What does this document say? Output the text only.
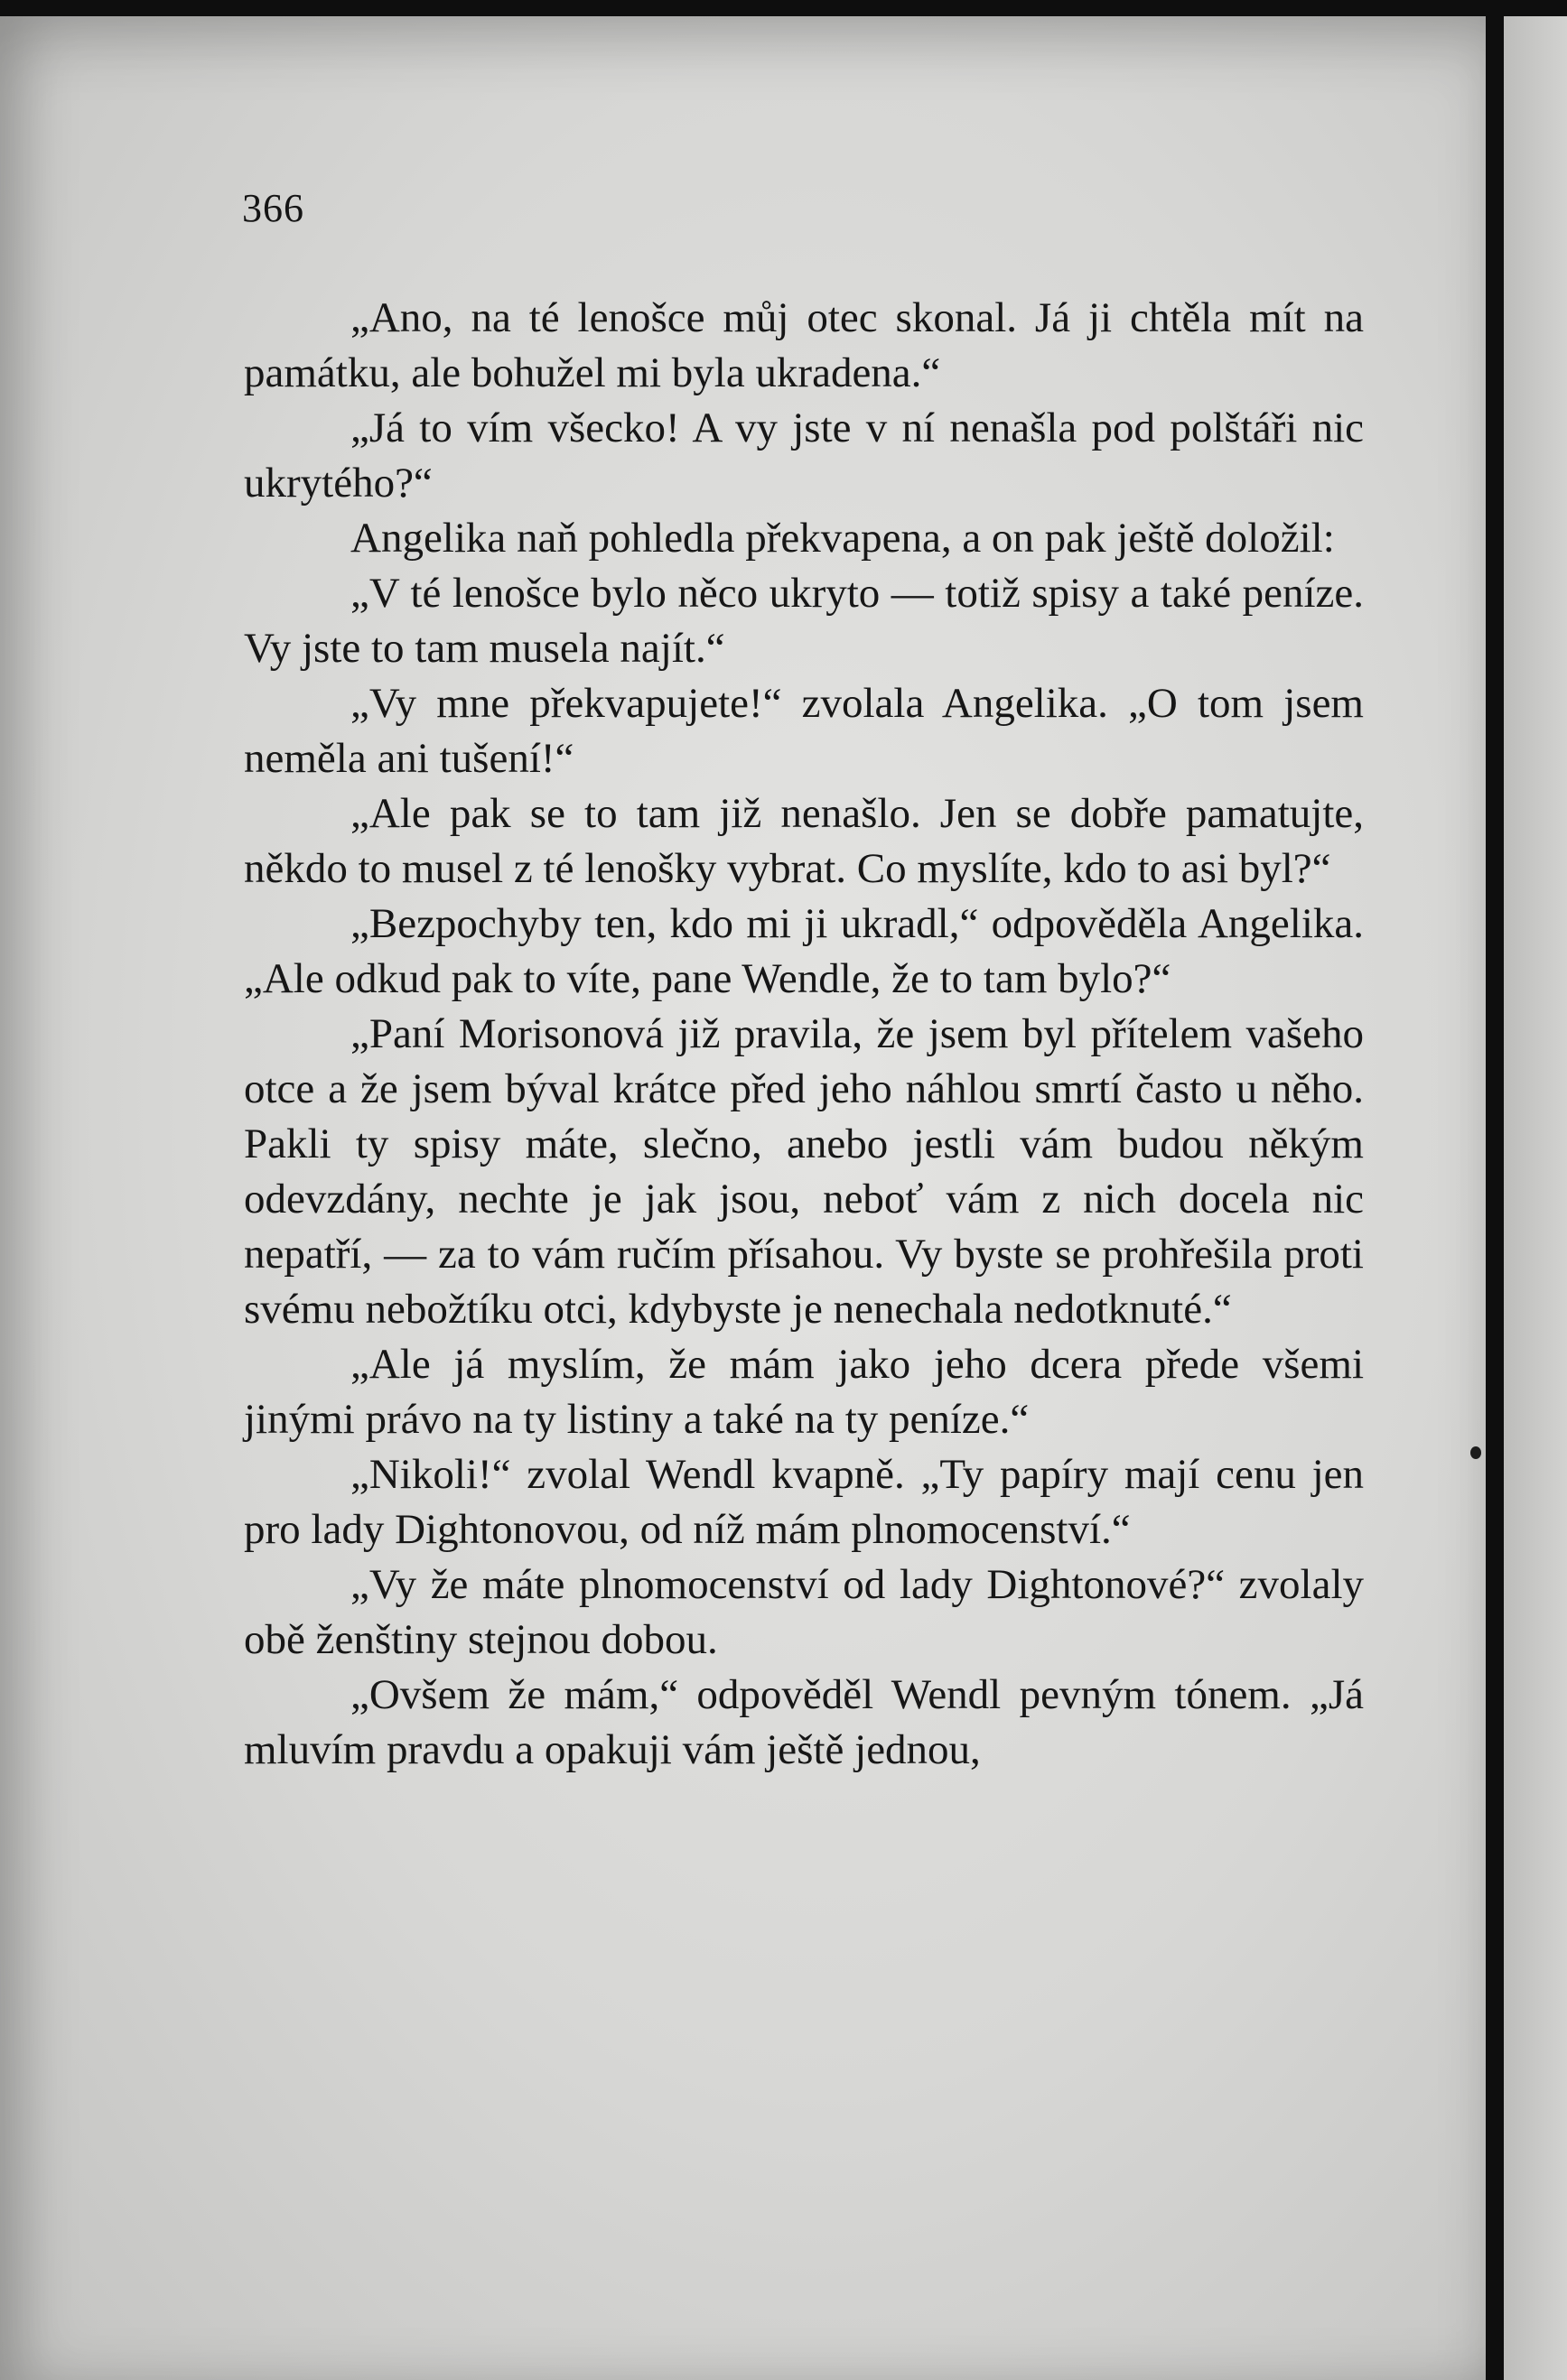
366

„Ano, na té lenošce můj otec skonal. Já ji chtěla mít na památku, ale bohužel mi byla ukradena.“

„Já to vím všecko! A vy jste v ní nenašla pod polštáři nic ukrytého?“

Angelika naň pohledla překvapena, a on pak ještě doložil:

„V té lenošce bylo něco ukryto — totiž spisy a také peníze. Vy jste to tam musela najít.“

„Vy mne překvapujete!“ zvolala Angelika. „O tom jsem neměla ani tušení!“

„Ale pak se to tam již nenašlo. Jen se dobře pamatujte, někdo to musel z té lenošky vybrat. Co myslíte, kdo to asi byl?“

„Bezpochyby ten, kdo mi ji ukradl,“ odpověděla Angelika. „Ale odkud pak to víte, pane Wendle, že to tam bylo?“

„Paní Morisonová již pravila, že jsem byl přítelem vašeho otce a že jsem býval krátce před jeho náhlou smrtí často u něho. Pakli ty spisy máte, slečno, anebo jestli vám budou někým odevzdány, nechte je jak jsou, neboť vám z nich docela nic nepatří, — za to vám ručím přísahou. Vy byste se prohřešila proti svému nebožtíku otci, kdybyste je nenechala nedotknuté.“

„Ale já myslím, že mám jako jeho dcera přede všemi jinými právo na ty listiny a také na ty peníze.“

„Nikoli!“ zvolal Wendl kvapně. „Ty papíry mají cenu jen pro lady Dightonovou, od níž mám plnomocenství.“

„Vy že máte plnomocenství od lady Dightonové?“ zvolaly obě ženštiny stejnou dobou.

„Ovšem že mám,“ odpověděl Wendl pevným tónem. „Já mluvím pravdu a opakuji vám ještě jednou,
